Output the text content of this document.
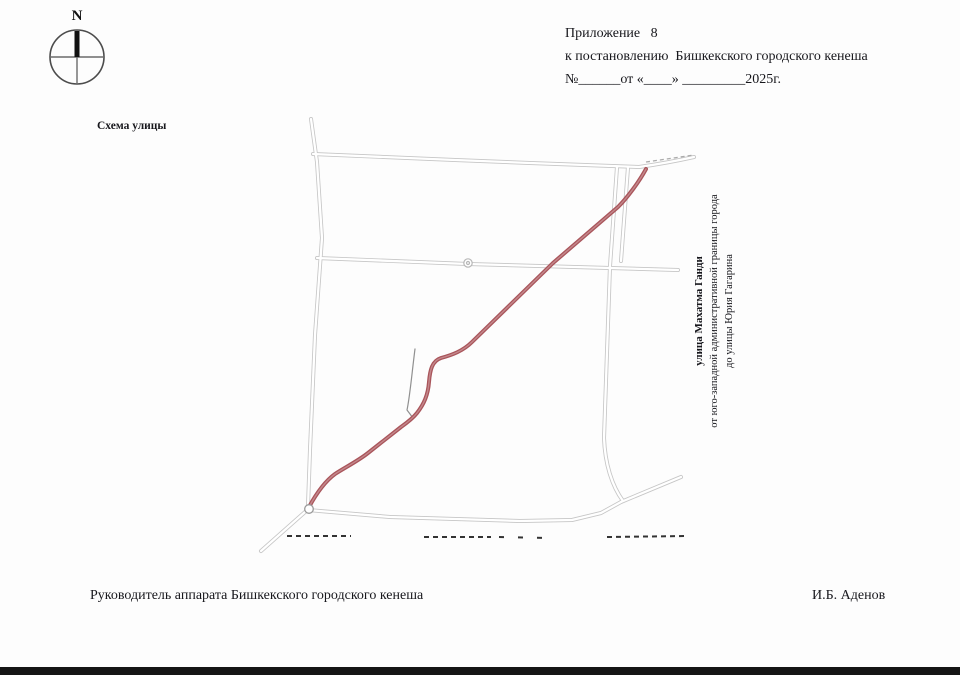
N
Приложение   8
к постановлению  Бишкекского городского кенеша
№______от «____» _________2025г.
Схема улицы
улица Махатма Ганди от юго-западной административной границы города до улицы Юрия Гагарина
Руководитель аппарата Бишкекского городского кенеша	И.Б. Аденов
